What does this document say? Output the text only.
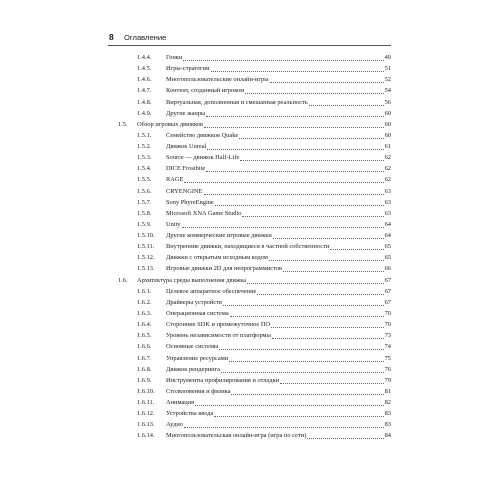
8 Оглавление
1.4.4. Гонки	49
1.4.5. Игры-стратегии	51
1.4.6. Многопользовательские онлайн-игры	52
1.4.7. Контент, созданный игроком	54
1.4.8. Виртуальная, дополненная и смешанная реальность	56
1.4.9. Другие жанры	60
1.5. Обзор игровых движков	60
1.5.1. Семейство движков Quake	60
1.5.2. Движок Unreal	61
1.5.3. Source — движок Half-Life	62
1.5.4. DICE Frostbite	62
1.5.5. RAGE	62
1.5.6. CRYENGINE	63
1.5.7. Sony PhyreEngine	63
1.5.8. Microsoft XNA Game Studio	63
1.5.9. Unity	64
1.5.10. Другие коммерческие игровые движки	64
1.5.11. Внутренние движки, находящиеся в частной собственности	65
1.5.12. Движки с открытым исходным кодом	65
1.5.13. Игровые движки 2D для непрограммистов	66
1.6. Архитектура среды выполнения движка	67
1.6.1. Целевое аппаратное обеспечение	67
1.6.2. Драйверы устройств	67
1.6.3. Операционная система	70
1.6.4. Сторонние SDK и промежуточное ПО	70
1.6.5. Уровень независимости от платформы	73
1.6.6. Основные системы	74
1.6.7. Управление ресурсами	75
1.6.8. Движок рендеринга	76
1.6.9. Инструменты профилирования и отладки	79
1.6.10. Столкновения и физика	81
1.6.11. Анимация	82
1.6.12. Устройства ввода	83
1.6.13. Аудио	83
1.6.14. Многопользовательская онлайн-игра (игра по сети)	84
